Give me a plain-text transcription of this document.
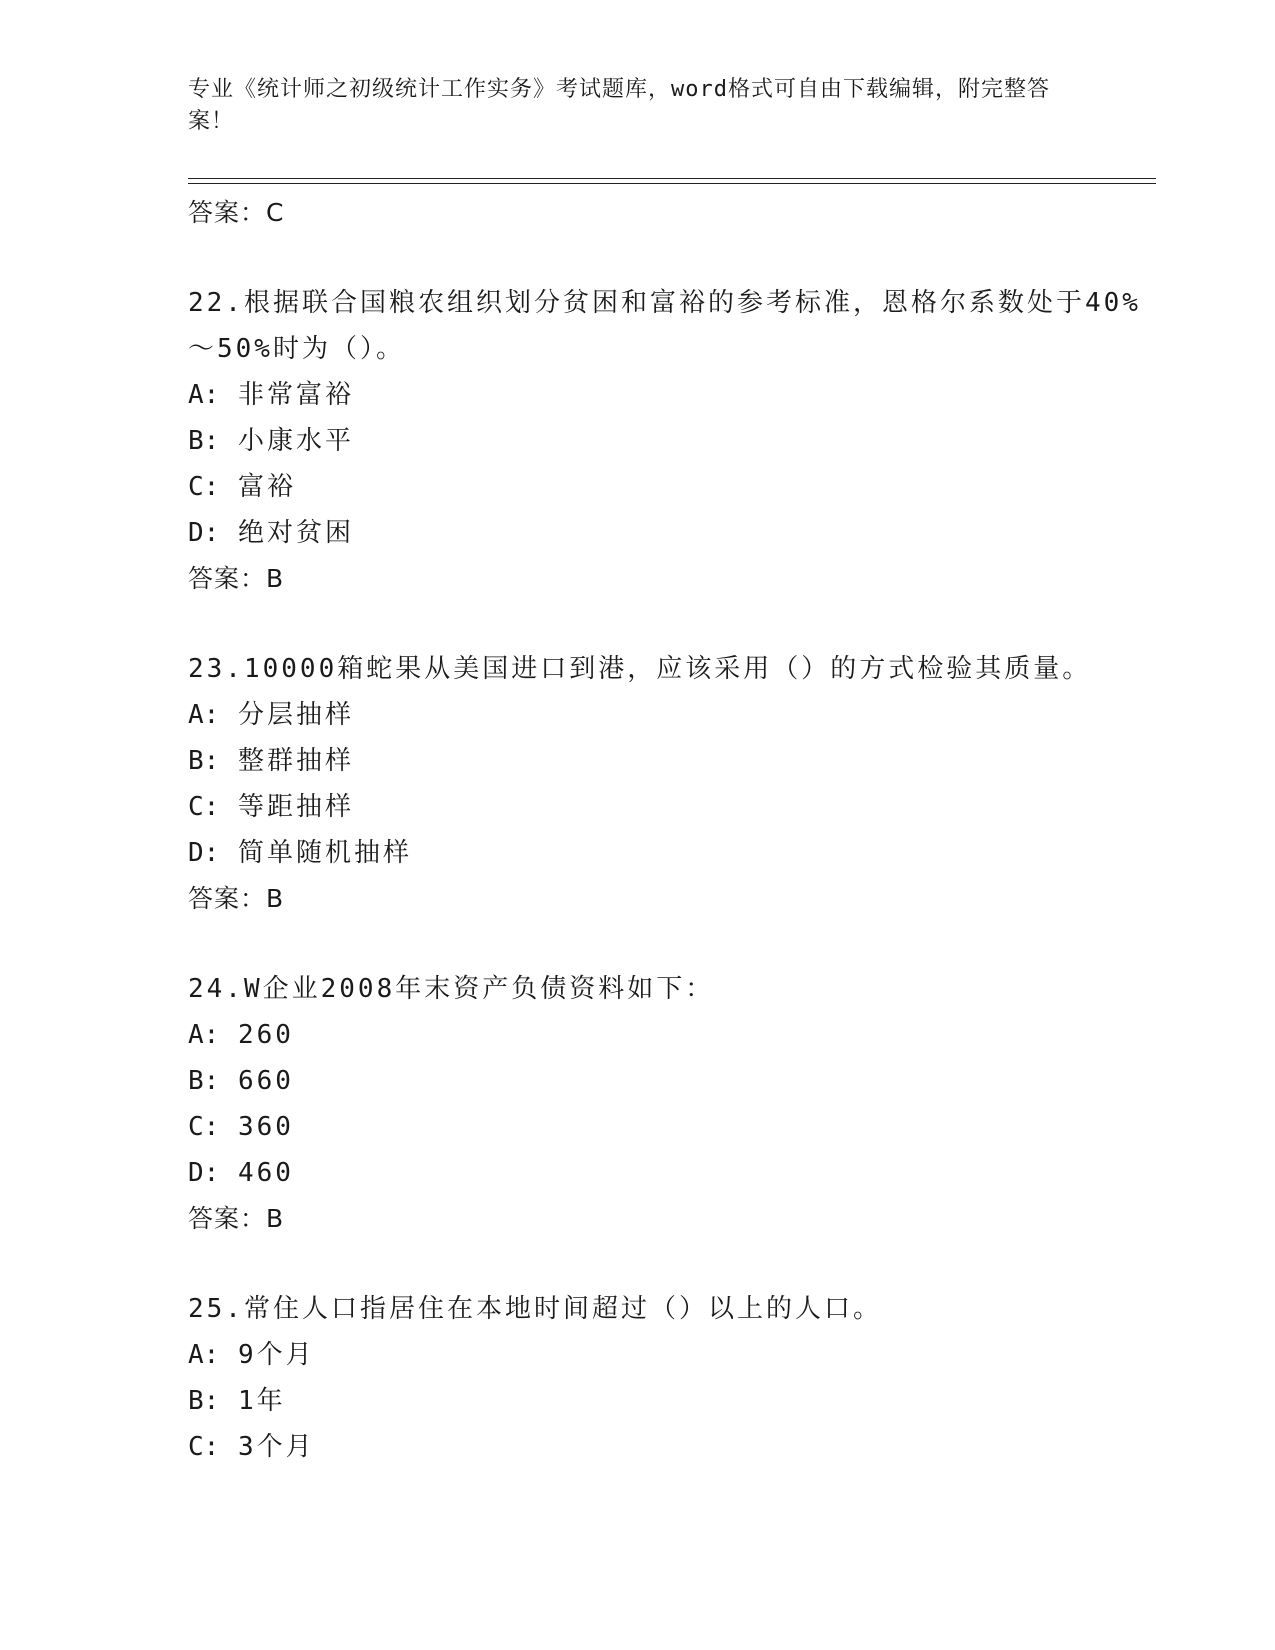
专业《统计师之初级统计工作实务》考试题库，word格式可自由下载编辑，附完整答案！
答案：C
22.根据联合国粮农组织划分贫困和富裕的参考标准，恩格尔系数处于40%～50%时为（）。
A: 非常富裕
B: 小康水平
C: 富裕
D: 绝对贫困
答案：B
23.10000箱蛇果从美国进口到港，应该采用（）的方式检验其质量。
A: 分层抽样
B: 整群抽样
C: 等距抽样
D: 简单随机抽样
答案：B
24.W企业2008年末资产负债资料如下：
A: 260
B: 660
C: 360
D: 460
答案：B
25.常住人口指居住在本地时间超过（）以上的人口。
A: 9个月
B: 1年
C: 3个月
